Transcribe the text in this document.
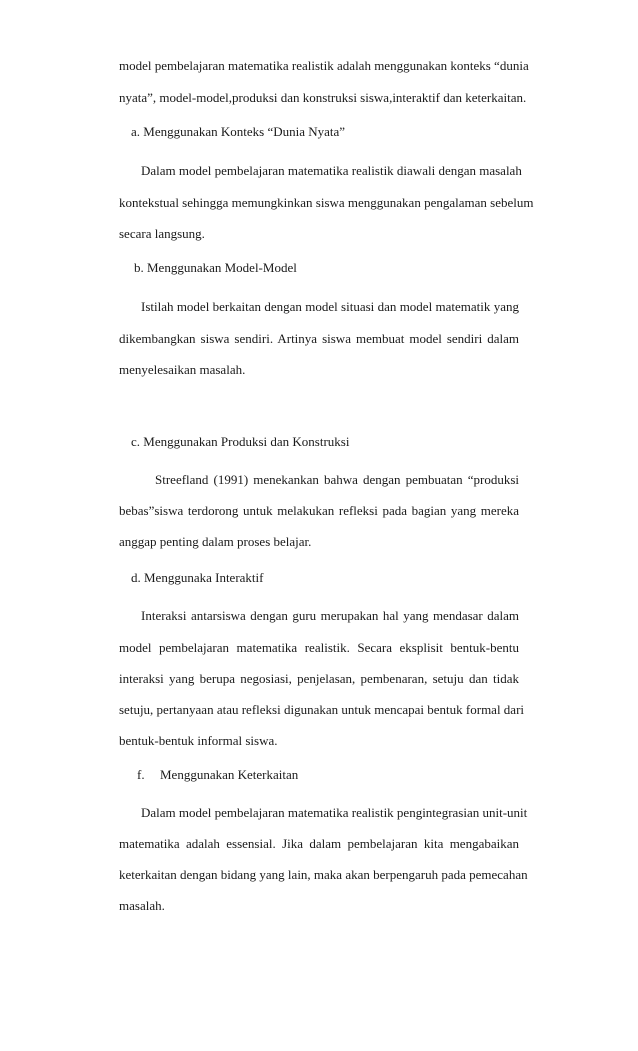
model pembelajaran matematika realistik adalah menggunakan konteks “dunia
nyata”, model-model,produksi dan konstruksi siswa,interaktif dan keterkaitan.
a. Menggunakan Konteks “Dunia Nyata”
Dalam model pembelajaran matematika realistik diawali dengan masalah
kontekstual sehingga memungkinkan siswa menggunakan pengalaman sebelum
secara langsung.
b. Menggunakan Model-Model
Istilah model berkaitan dengan model situasi dan model matematik yang
dikembangkan siswa sendiri. Artinya siswa membuat model sendiri dalam
menyelesaikan masalah.
c. Menggunakan Produksi dan Konstruksi
Streefland (1991) menekankan bahwa dengan pembuatan “produksi
bebas”siswa terdorong untuk melakukan refleksi pada bagian yang mereka
anggap penting dalam proses belajar.
d. Menggunaka Interaktif
Interaksi antarsiswa dengan guru merupakan hal yang mendasar dalam
model pembelajaran matematika realistik. Secara eksplisit bentuk-bentu
interaksi yang berupa negosiasi, penjelasan, pembenaran, setuju dan tidak
setuju, pertanyaan atau refleksi digunakan untuk mencapai bentuk formal dari
bentuk-bentuk informal siswa.
f. Menggunakan Keterkaitan
Dalam model pembelajaran matematika realistik pengintegrasian unit-unit
matematika adalah essensial. Jika dalam pembelajaran kita mengabaikan
keterkaitan dengan bidang yang lain, maka akan berpengaruh pada pemecahan
masalah.
